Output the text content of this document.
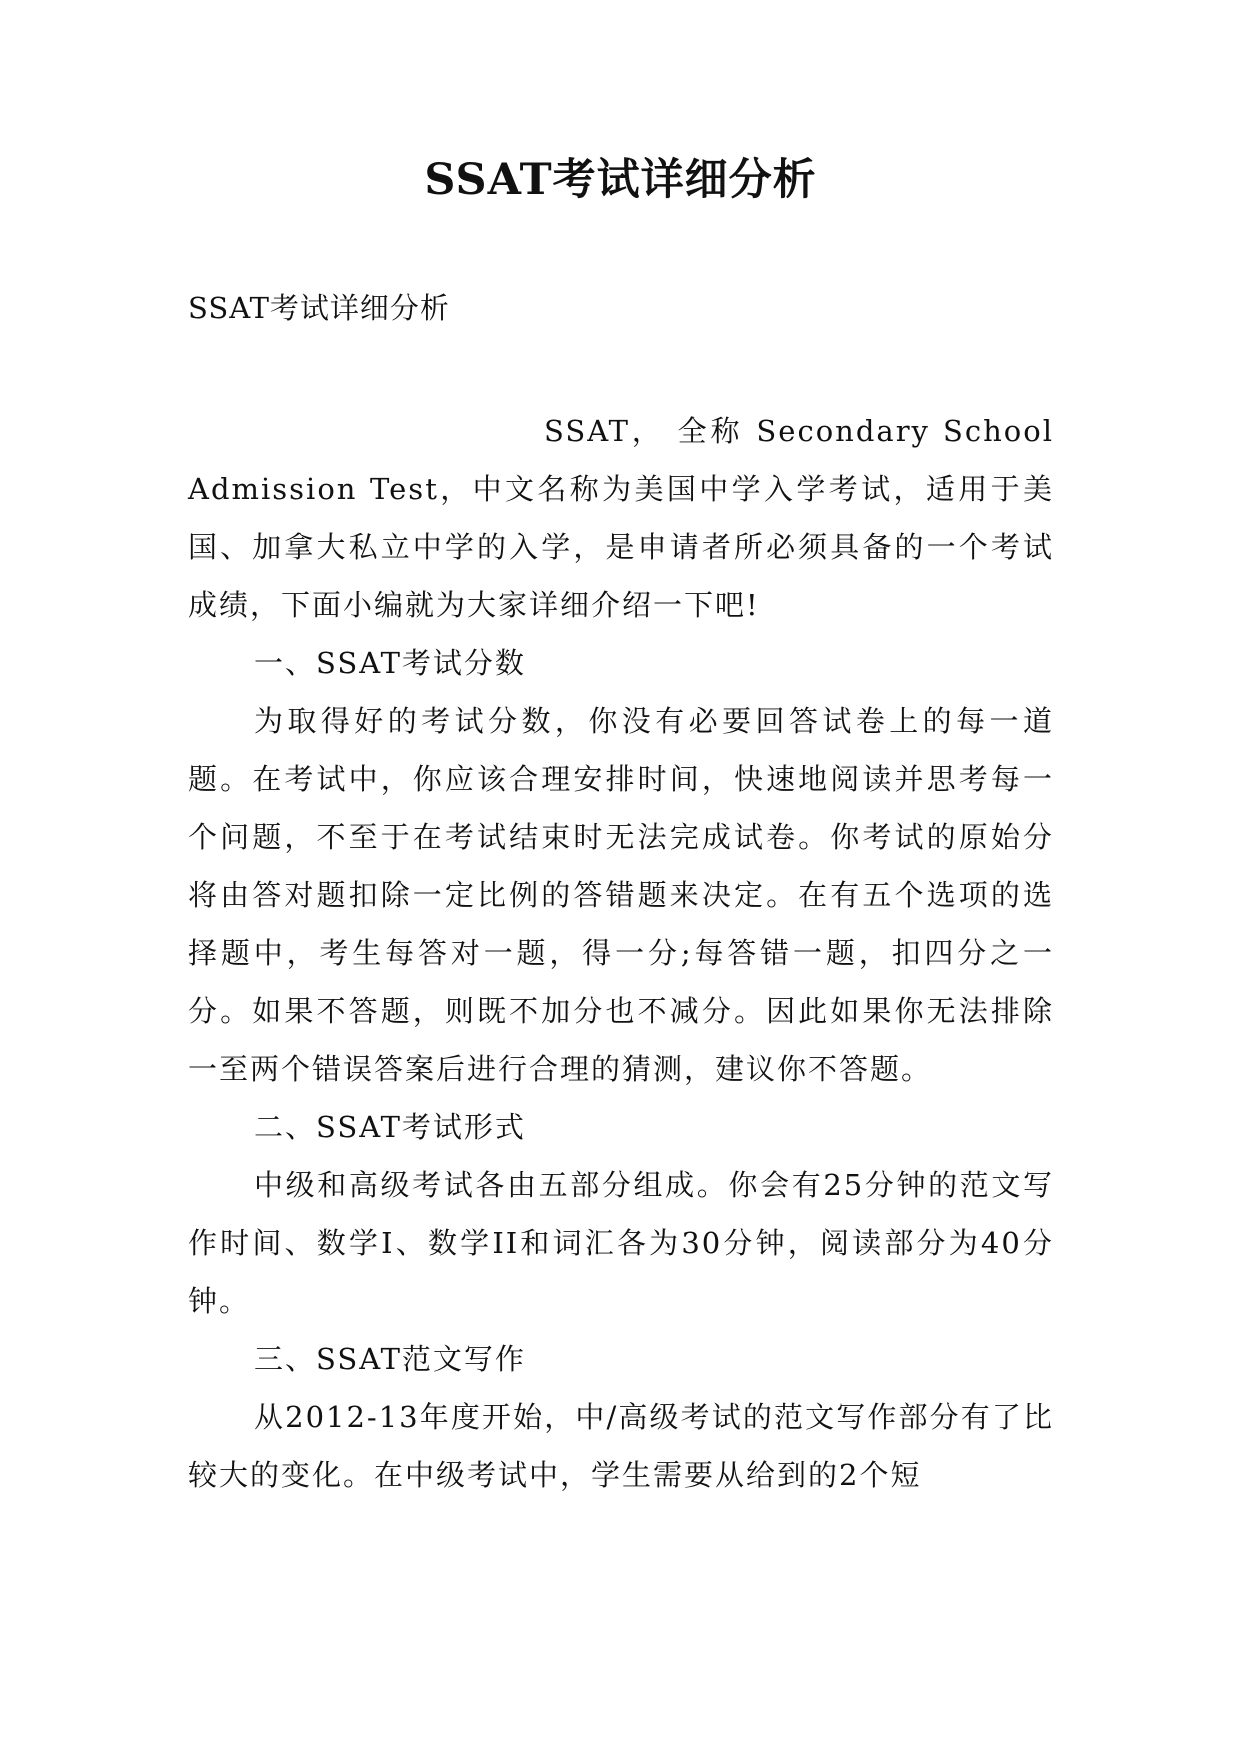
SSAT考试详细分析
SSAT考试详细分析

SSAT， 全称 Secondary School Admission Test，中文名称为美国中学入学考试，适用于美国、加拿大私立中学的入学，是申请者所必须具备的一个考试成绩，下面小编就为大家详细介绍一下吧!

一、SSAT考试分数

为取得好的考试分数，你没有必要回答试卷上的每一道题。在考试中，你应该合理安排时间，快速地阅读并思考每一个问题，不至于在考试结束时无法完成试卷。你考试的原始分将由答对题扣除一定比例的答错题来决定。在有五个选项的选择题中，考生每答对一题，得一分;每答错一题，扣四分之一分。如果不答题，则既不加分也不减分。因此如果你无法排除一至两个错误答案后进行合理的猜测，建议你不答题。

二、SSAT考试形式

中级和高级考试各由五部分组成。你会有25分钟的范文写作时间、数学I、数学II和词汇各为30分钟，阅读部分为40分钟。

三、SSAT范文写作

从2012-13年度开始，中/高级考试的范文写作部分有了比较大的变化。在中级考试中，学生需要从给到的2个短
